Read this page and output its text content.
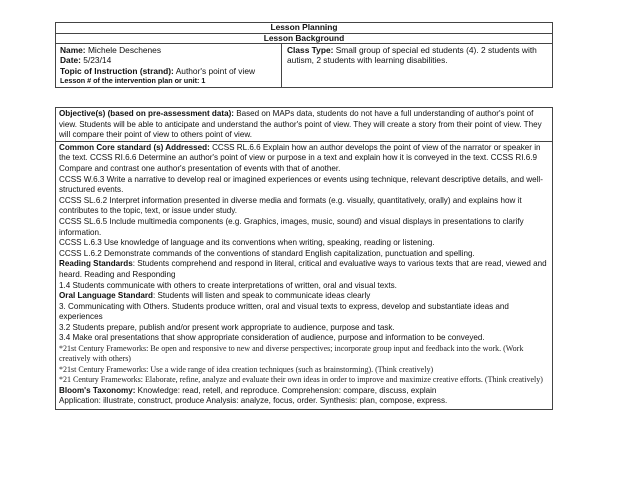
Lesson Planning
Lesson Background
Name: Michele Deschenes
Date: 5/23/14
Topic of Instruction (strand): Author's point of view
Lesson # of the intervention plan or unit: 1
Class Type: Small group of special ed students (4). 2 students with autism, 2 students with learning disabilities.

Objective(s) (based on pre-assessment data): Based on MAPs data, students do not have a full understanding of author's point of view. Students will be able to anticipate and understand the author's point of view. They will create a story from their point of view. They will compare their point of view to others point of view.

Common Core standard (s) Addressed: CCSS RL.6.6 Explain how an author develops the point of view of the narrator or speaker in the text. CCSS RI.6.6 Determine an author's point of view or purpose in a text and explain how it is conveyed in the text. CCSS RI.6.9 Compare and contrast one author's presentation of events with that of another.

CCSS W.6.3 Write a narrative to develop real or imagined experiences or events using technique, relevant descriptive details, and well-structured events.

CCSS SL.6.2 Interpret information presented in diverse media and formats (e.g. visually, quantitatively, orally) and explains how it contributes to the topic, text, or issue under study.

CCSS SL.6.5 Include multimedia components (e.g. Graphics, images, music, sound) and visual displays in presentations to clarify information.

CCSS L.6.3 Use knowledge of language and its conventions when writing, speaking, reading or listening.

CCSS L.6.2 Demonstrate commands of the conventions of standard English capitalization, punctuation and spelling.

Reading Standards: Students comprehend and respond in literal, critical and evaluative ways to various texts that are read, viewed and heard. Reading and Responding

1.4 Students communicate with others to create interpretations of written, oral and visual texts.

Oral Language Standard: Students will listen and speak to communicate ideas clearly

3. Communicating with Others. Students produce written, oral and visual texts to express, develop and substantiate ideas and experiences

3.2 Students prepare, publish and/or present work appropriate to audience, purpose and task.

3.4 Make oral presentations that show appropriate consideration of audience, purpose and information to be conveyed.

*21st Century Frameworks: Be open and responsive to new and diverse perspectives; incorporate group input and feedback into the work. (Work creatively with others)

*21st Century Frameworks: Use a wide range of idea creation techniques (such as brainstorming). (Think creatively)

*21 Century Frameworks: Elaborate, refine, analyze and evaluate their own ideas in order to improve and maximize creative efforts. (Think creatively)

Bloom's Taxonomy: Knowledge: read, retell, and reproduce. Comprehension: compare, discuss, explain

Application: illustrate, construct, produce Analysis: analyze, focus, order. Synthesis: plan, compose, express.
